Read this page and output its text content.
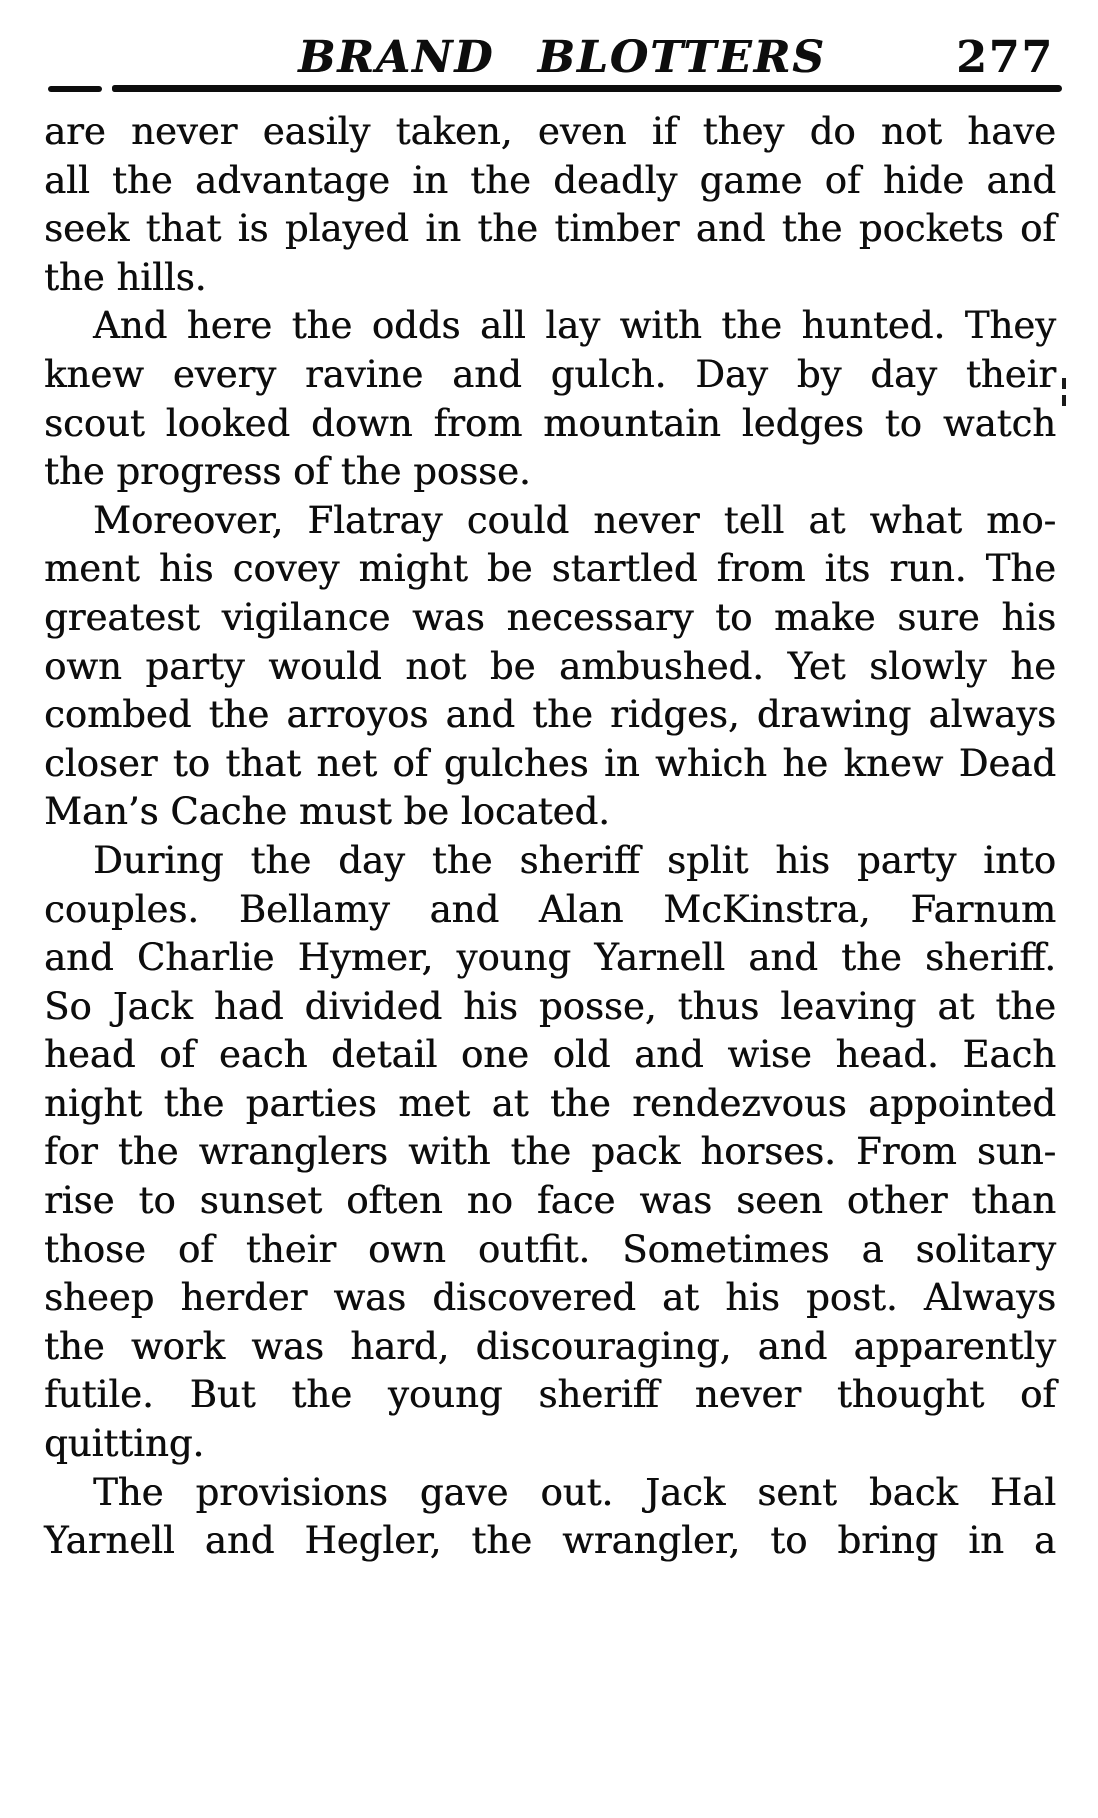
BRAND BLOTTERS	277
are never easily taken, even if they do not have
all the advantage in the deadly game of hide and
seek that is played in the timber and the pockets of
the hills.
And here the odds all lay with the hunted. They
knew every ravine and gulch. Day by day their
scout looked down from mountain ledges to watch
the progress of the posse.
Moreover, Flatray could never tell at what mo-
ment his covey might be startled from its run. The
greatest vigilance was necessary to make sure his
own party would not be ambushed. Yet slowly he
combed the arroyos and the ridges, drawing always
closer to that net of gulches in which he knew Dead
Man’s Cache must be located.
During the day the sheriff split his party into
couples. Bellamy and Alan McKinstra, Farnum
and Charlie Hymer, young Yarnell and the sheriff.
So Jack had divided his posse, thus leaving at the
head of each detail one old and wise head. Each
night the parties met at the rendezvous appointed
for the wranglers with the pack horses. From sun-
rise to sunset often no face was seen other than
those of their own outfit. Sometimes a solitary
sheep herder was discovered at his post. Always
the work was hard, discouraging, and apparently
futile. But the young sheriff never thought of
quitting.
The provisions gave out. Jack sent back Hal
Yarnell and Hegler, the wrangler, to bring in a
